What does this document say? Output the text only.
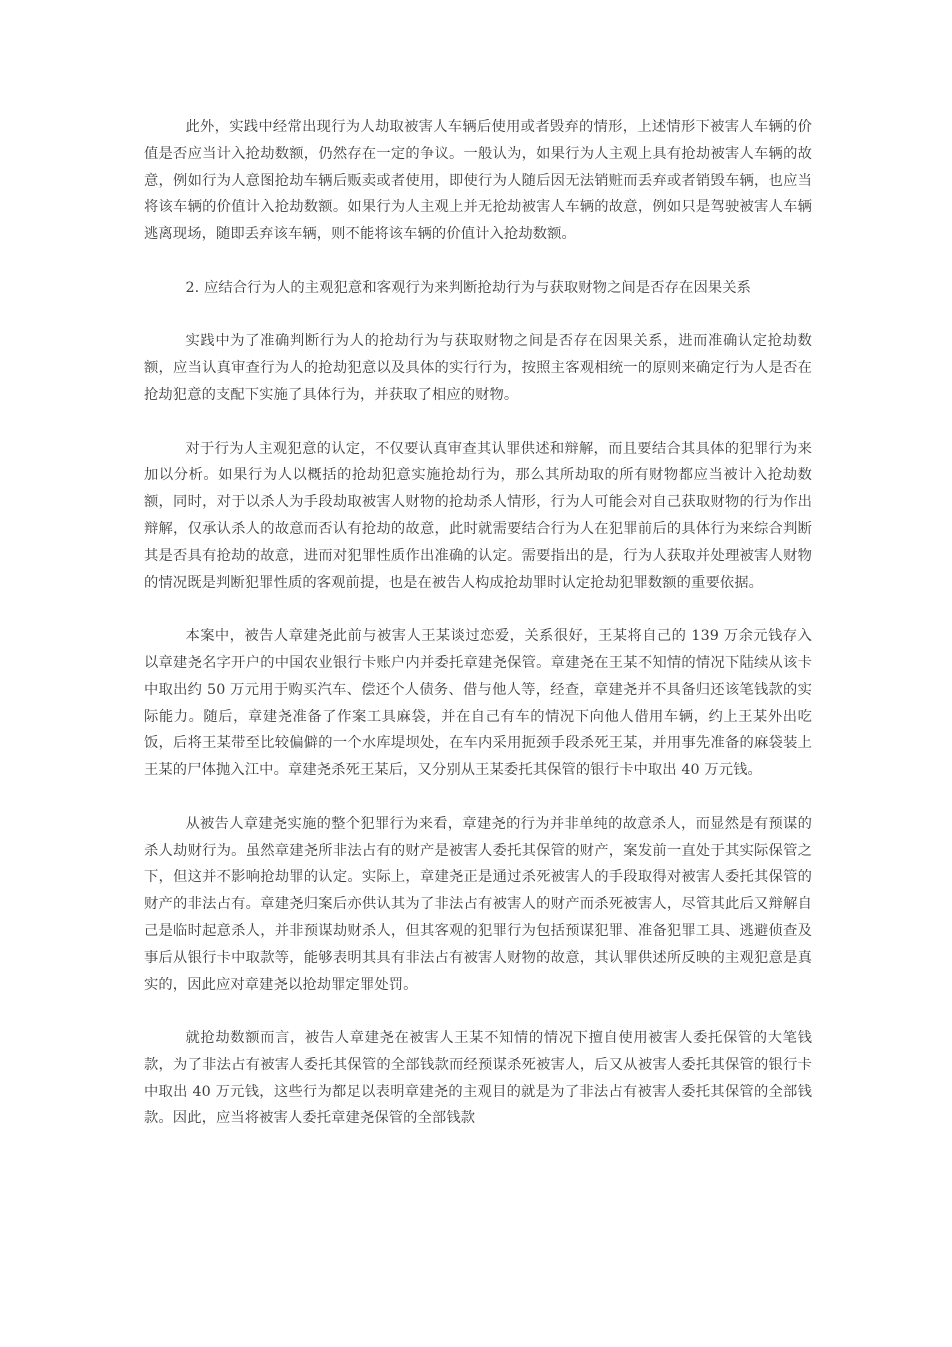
此外，实践中经常出现行为人劫取被害人车辆后使用或者毁弃的情形，上述情形下被害人车辆的价值是否应当计入抢劫数额，仍然存在一定的争议。一般认为，如果行为人主观上具有抢劫被害人车辆的故意，例如行为人意图抢劫车辆后贩卖或者使用，即使行为人随后因无法销赃而丢弃或者销毁车辆，也应当将该车辆的价值计入抢劫数额。如果行为人主观上并无抢劫被害人车辆的故意，例如只是驾驶被害人车辆逃离现场，随即丢弃该车辆，则不能将该车辆的价值计入抢劫数额。

2. 应结合行为人的主观犯意和客观行为来判断抢劫行为与获取财物之间是否存在因果关系

实践中为了准确判断行为人的抢劫行为与获取财物之间是否存在因果关系，进而准确认定抢劫数额，应当认真审查行为人的抢劫犯意以及具体的实行行为，按照主客观相统一的原则来确定行为人是否在抢劫犯意的支配下实施了具体行为，并获取了相应的财物。

对于行为人主观犯意的认定，不仅要认真审查其认罪供述和辩解，而且要结合其具体的犯罪行为来加以分析。如果行为人以概括的抢劫犯意实施抢劫行为，那么其所劫取的所有财物都应当被计入抢劫数额，同时，对于以杀人为手段劫取被害人财物的抢劫杀人情形，行为人可能会对自己获取财物的行为作出辩解，仅承认杀人的故意而否认有抢劫的故意，此时就需要结合行为人在犯罪前后的具体行为来综合判断其是否具有抢劫的故意，进而对犯罪性质作出准确的认定。需要指出的是，行为人获取并处理被害人财物的情况既是判断犯罪性质的客观前提，也是在被告人构成抢劫罪时认定抢劫犯罪数额的重要依据。

本案中，被告人章建尧此前与被害人王某谈过恋爱，关系很好，王某将自己的 139 万余元钱存入以章建尧名字开户的中国农业银行卡账户内并委托章建尧保管。章建尧在王某不知情的情况下陆续从该卡中取出约 50 万元用于购买汽车、偿还个人债务、借与他人等，经查，章建尧并不具备归还该笔钱款的实际能力。随后，章建尧准备了作案工具麻袋，并在自己有车的情况下向他人借用车辆，约上王某外出吃饭，后将王某带至比较偏僻的一个水库堤坝处，在车内采用扼颈手段杀死王某，并用事先准备的麻袋装上王某的尸体抛入江中。章建尧杀死王某后，又分别从王某委托其保管的银行卡中取出 40 万元钱。

从被告人章建尧实施的整个犯罪行为来看，章建尧的行为并非单纯的故意杀人，而显然是有预谋的杀人劫财行为。虽然章建尧所非法占有的财产是被害人委托其保管的财产，案发前一直处于其实际保管之下，但这并不影响抢劫罪的认定。实际上，章建尧正是通过杀死被害人的手段取得对被害人委托其保管的财产的非法占有。章建尧归案后亦供认其为了非法占有被害人的财产而杀死被害人，尽管其此后又辩解自己是临时起意杀人，并非预谋劫财杀人，但其客观的犯罪行为包括预谋犯罪、准备犯罪工具、逃避侦查及事后从银行卡中取款等，能够表明其具有非法占有被害人财物的故意，其认罪供述所反映的主观犯意是真实的，因此应对章建尧以抢劫罪定罪处罚。

就抢劫数额而言，被告人章建尧在被害人王某不知情的情况下擅自使用被害人委托保管的大笔钱款，为了非法占有被害人委托其保管的全部钱款而经预谋杀死被害人，后又从被害人委托其保管的银行卡中取出 40 万元钱，这些行为都足以表明章建尧的主观目的就是为了非法占有被害人委托其保管的全部钱款。因此，应当将被害人委托章建尧保管的全部钱款
